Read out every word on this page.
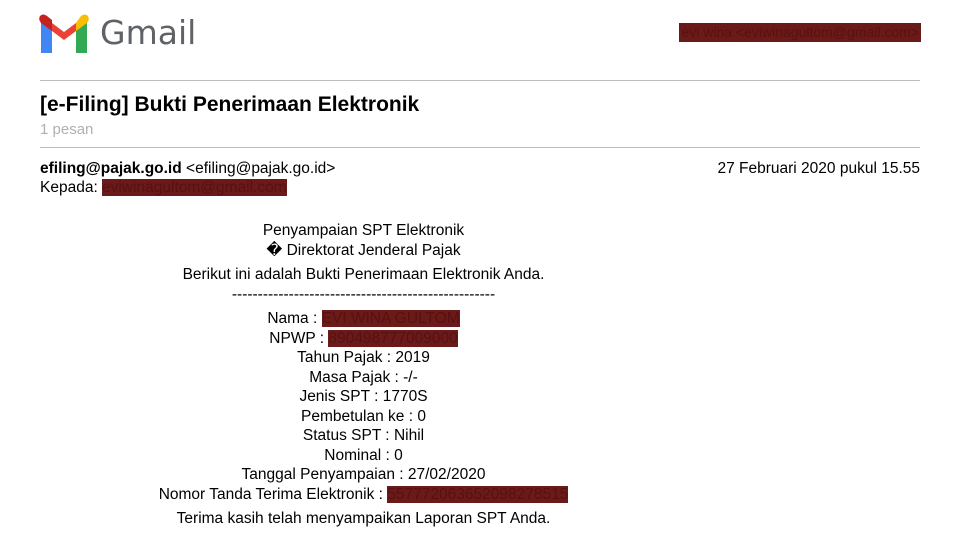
Gmail	evi wina <eviwinagultom@gmail.com>
[e-Filing] Bukti Penerimaan Elektronik
1 pesan
efiling@pajak.go.id <efiling@pajak.go.id>	27 Februari 2020 pukul 15.55
Kepada: eviwinagultom@gmail.com
Penyampaian SPT Elektronik
� Direktorat Jenderal Pajak
Berikut ini adalah Bukti Penerimaan Elektronik Anda.
---------------------------------------------------
Nama : EVI WINA GULTOM
NPWP : 890498777009000
Tahun Pajak : 2019
Masa Pajak : -/-
Jenis SPT : 1770S
Pembetulan ke : 0
Status SPT : Nihil
Nominal : 0
Tanggal Penyampaian : 27/02/2020
Nomor Tanda Terima Elektronik : 557772063652098278515
Terima kasih telah menyampaikan Laporan SPT Anda.
